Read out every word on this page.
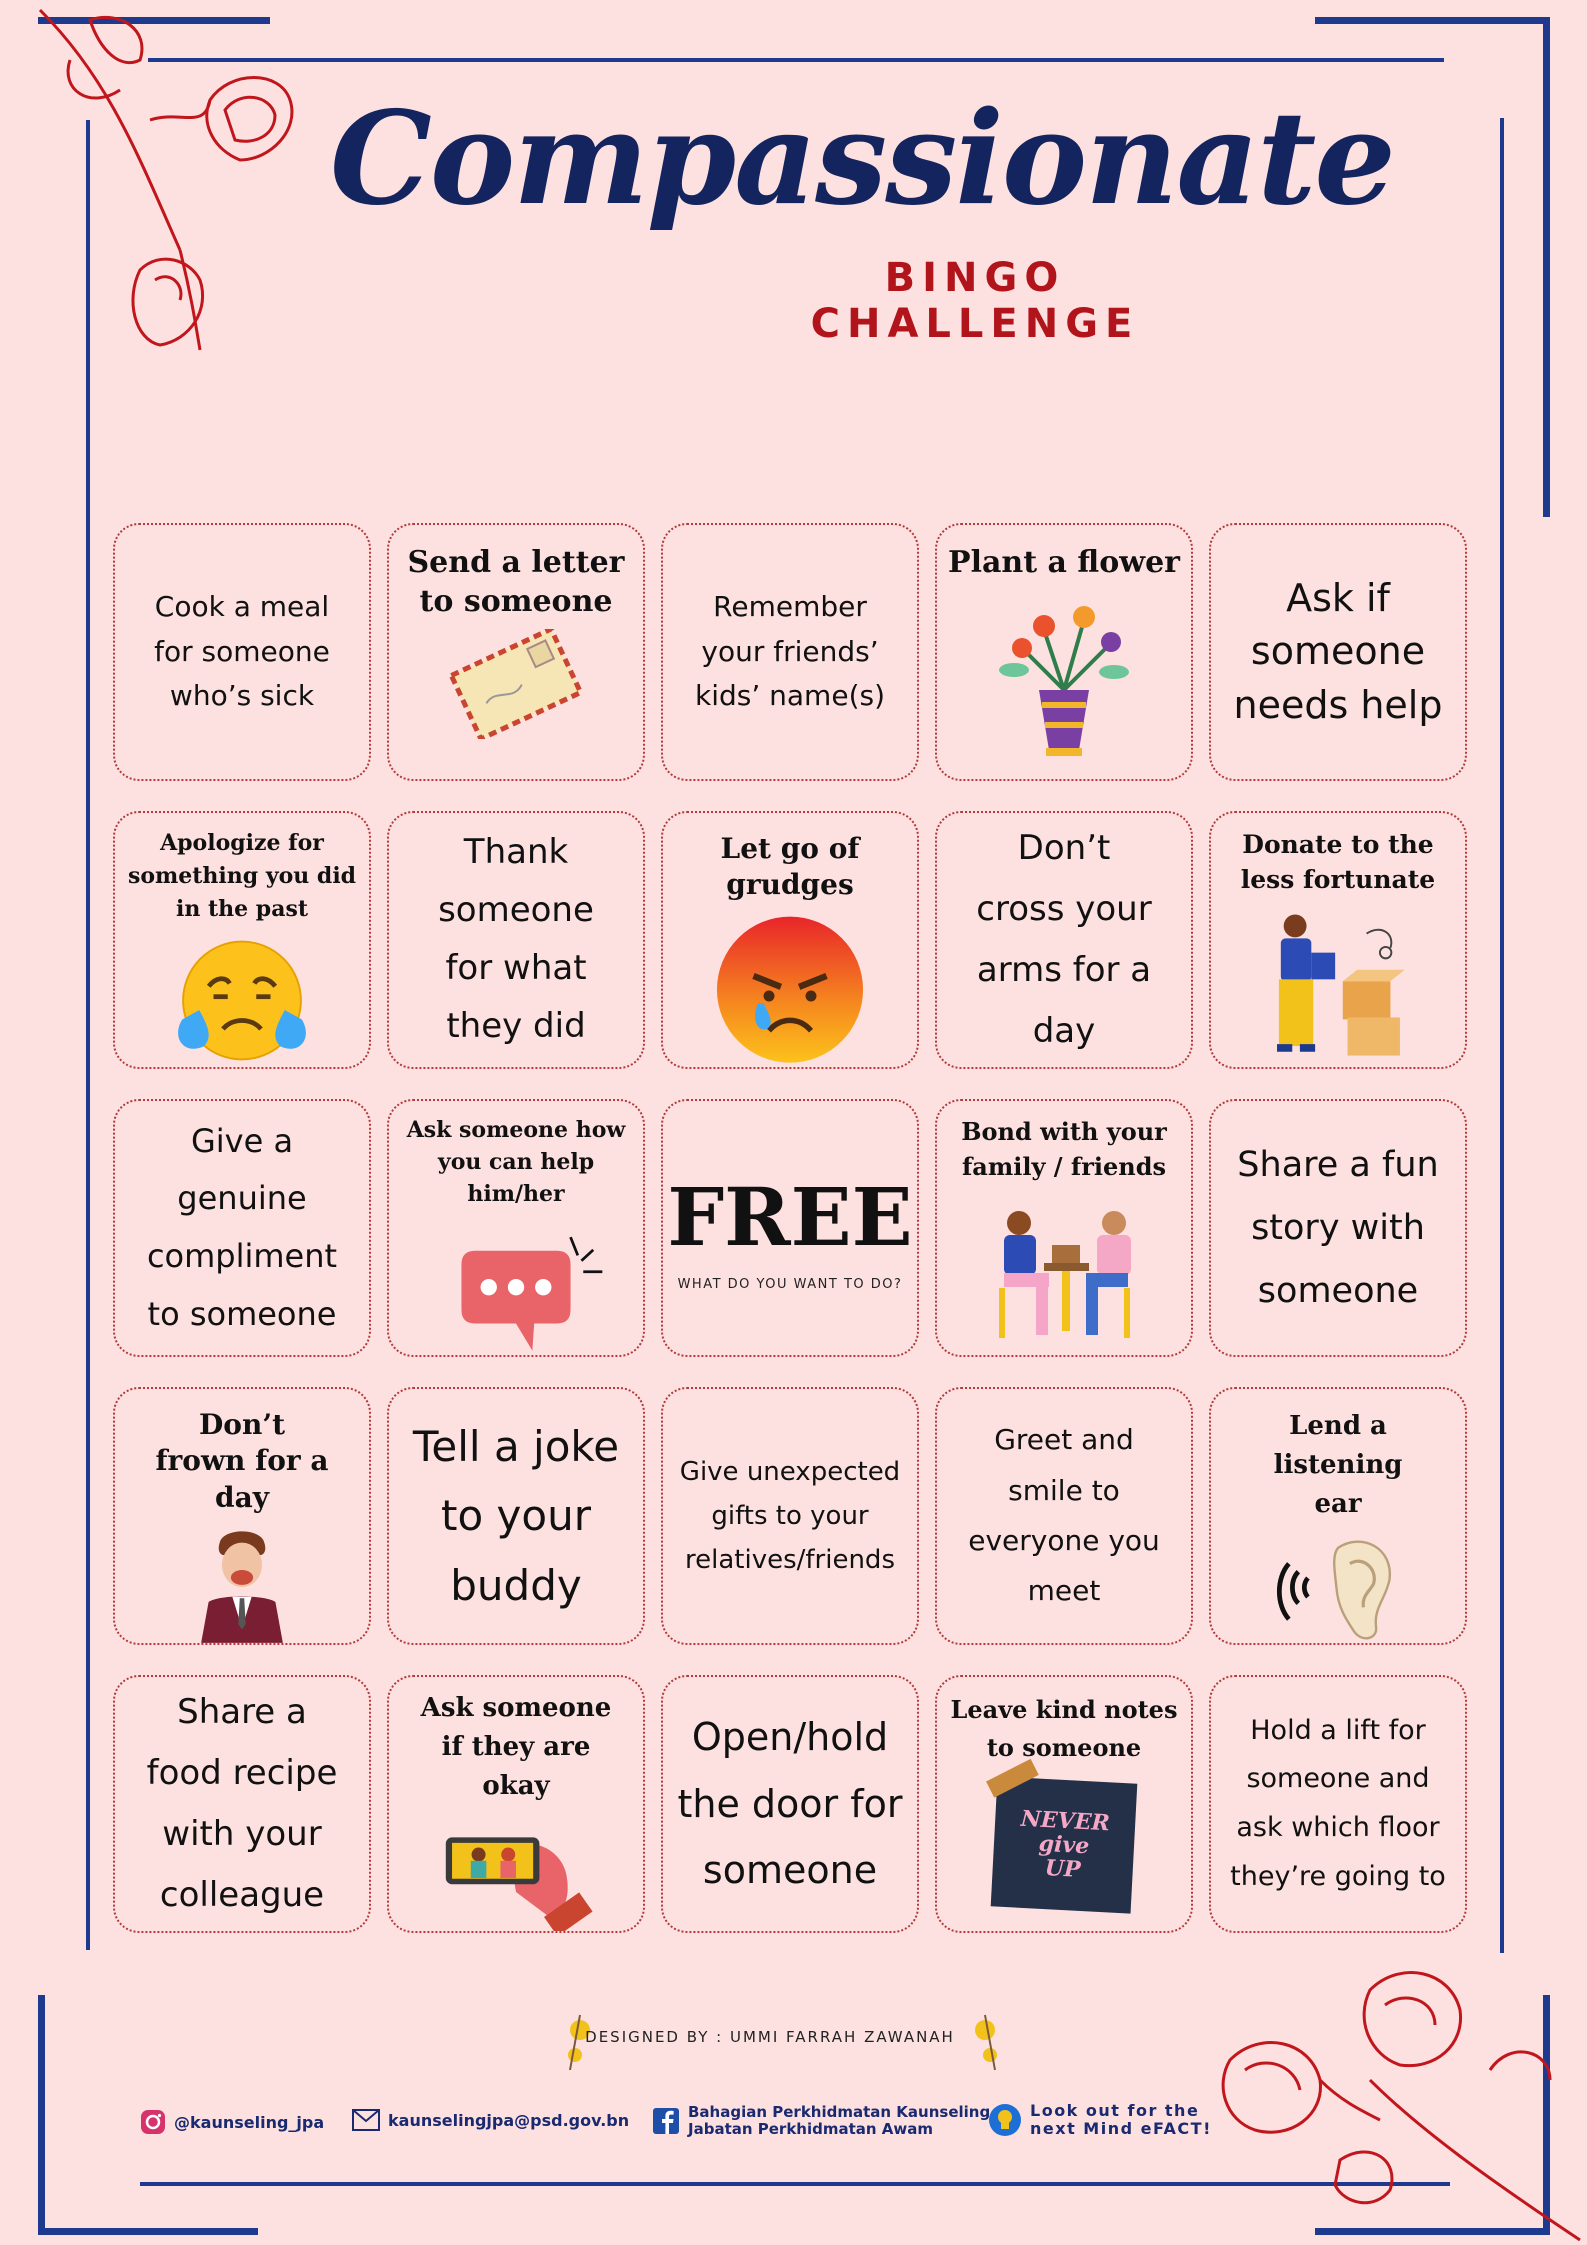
Compassionate
BINGO CHALLENGE
Cook a meal for someone who’s sick
Send a letter to someone	Remember your friends’ kids’ name(s)
Plant a flower
Ask if someone needs help
Apologize for something you did in the past
Thank someone for what they did
Let go of grudges
Don’t cross your arms for a day
Donate to the less fortunate
Give a genuine compliment to someone
Ask someone how you can help him/her	FREE
WHAT DO YOU WANT TO DO?
Bond with your family / friends	Share a fun story with someone
Don’t frown for a day
Tell a joke to your buddy
Give unexpected gifts to your relatives/friends
Greet and smile to everyone you meet
Lend a listening ear
Share a food recipe with your colleague
Ask someone if they are okay
Open/hold the door for someone
Leave kind notes to someone
NEVER give UP
Hold a lift for someone and ask which floor they’re going to
DESIGNED BY : UMMI FARRAH ZAWANAH
@kaunseling_jpa	kaunselingjpa@psd.gov.bn	Bahagian Perkhidmatan Kaunseling
Jabatan Perkhidmatan Awam
Look out for the
next Mind eFACT!
